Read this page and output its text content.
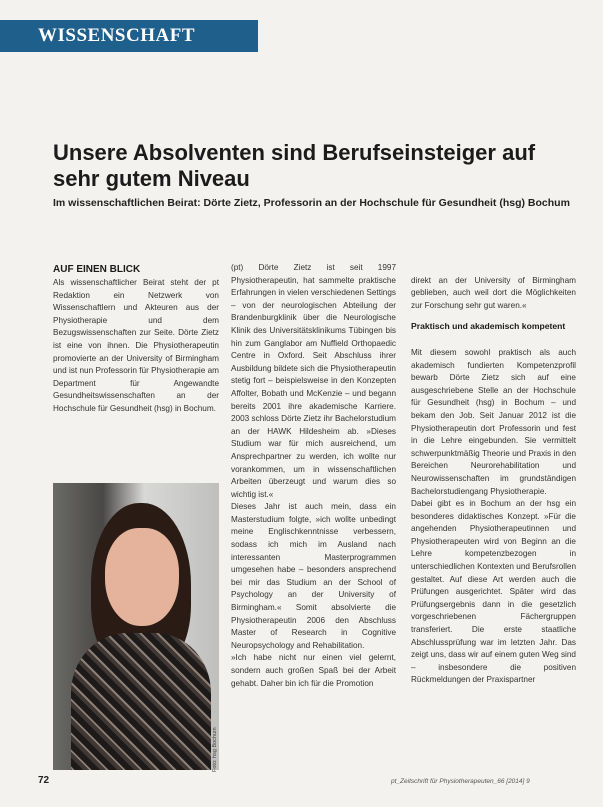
WISSENSCHAFT
Unsere Absolventen sind Berufseinsteiger auf sehr gutem Niveau
Im wissenschaftlichen Beirat: Dörte Zietz, Professorin an der Hochschule für Gesundheit (hsg) Bochum
AUF EINEN BLICK
Als wissenschaftlicher Beirat steht der pt Redaktion ein Netzwerk von Wissenschaftlern und Akteuren aus der Physiotherapie und dem Bezugswissenschaften zur Seite. Dörte Zietz ist eine von ihnen. Die Physiotherapeutin promovierte an der University of Birmingham und ist nun Professorin für Physiotherapie am Department für Angewandte Gesundheitswissenschaften an der Hochschule für Gesundheit (hsg) in Bochum.
Foto: hsg Bochum
(pt) Dörte Zietz ist seit 1997 Physiotherapeutin, hat sammelte praktische Erfahrungen in vielen verschiedenen Settings – von der neurologischen Abteilung der Brandenburgklinik über die Neurologische Klinik des Universitätsklinikums Tübingen bis hin zum Ganglabor am Nuffield Orthopaedic Centre in Oxford. Seit Abschluss ihrer Ausbildung bildete sich die Physiotherapeutin stetig fort – beispielsweise in den Konzepten Affolter, Bobath und McKenzie – und begann bereits 2001 ihre akademische Karriere. 2003 schloss Dörte Zietz ihr Bachelorstudium an der HAWK Hildesheim ab. »Dieses Studium war für mich ausreichend, um Ansprechpartner zu werden, ich wollte nur vorankommen, um in wissenschaftlichen Arbeiten überzeugt und warum dies so wichtig ist.«
Dieses Jahr ist auch mein, dass ein Masterstudium folgte, »ich wollte unbedingt meine Englischkenntnisse verbessern, sodass ich mich im Ausland nach interessanten Masterprogrammen umgesehen habe – besonders ansprechend bei mir das Studium an der School of Psychology an der University of Birmingham.« Somit absolvierte die Physiotherapeutin 2006 den Abschluss Master of Research in Cognitive Neuropsychology and Rehabilitation.
»Ich habe nicht nur einen viel gelernt, sondern auch großen Spaß bei der Arbeit gehabt. Daher bin ich für die Promotion

direkt an der University of Birmingham geblieben, auch weil dort die Möglichkeiten zur Forschung sehr gut waren.«

Praktisch und akademisch kompetent

Mit diesem sowohl praktisch als auch akademisch fundierten Kompetenzprofil bewarb Dörte Zietz sich auf eine ausgeschriebene Stelle an der Hochschule für Gesundheit (hsg) in Bochum – und bekam den Job. Seit Januar 2012 ist die Physiotherapeutin dort Professorin und fest in die Lehre eingebunden. Sie vermittelt schwerpunktmäßig Theorie und Praxis in den Bereichen Neurorehabilitation und Neurowissenschaften im grundständigen Bachelorstudiengang Physiotherapie.
Dabei gibt es in Bochum an der hsg ein besonderes didaktisches Konzept. »Für die angehenden Physiotherapeutinnen und Physiotherapeuten wird von Beginn an die Lehre kompetenzbezogen in unterschiedlichen Kontexten und Berufsrollen gestaltet. Auf diese Art werden auch die Prüfungen ausgerichtet. Später wird das Prüfungsergebnis dann in die gesetzlich vorgeschriebenen Fächergruppen transferiert. Die erste staatliche Abschlussprüfung war im letzten Jahr. Das zeigt uns, dass wir auf einem guten Weg sind – insbesondere die positiven Rückmeldungen der Praxispartner

72	pt_Zeitschrift für Physiotherapeuten_66 [2014] 9
